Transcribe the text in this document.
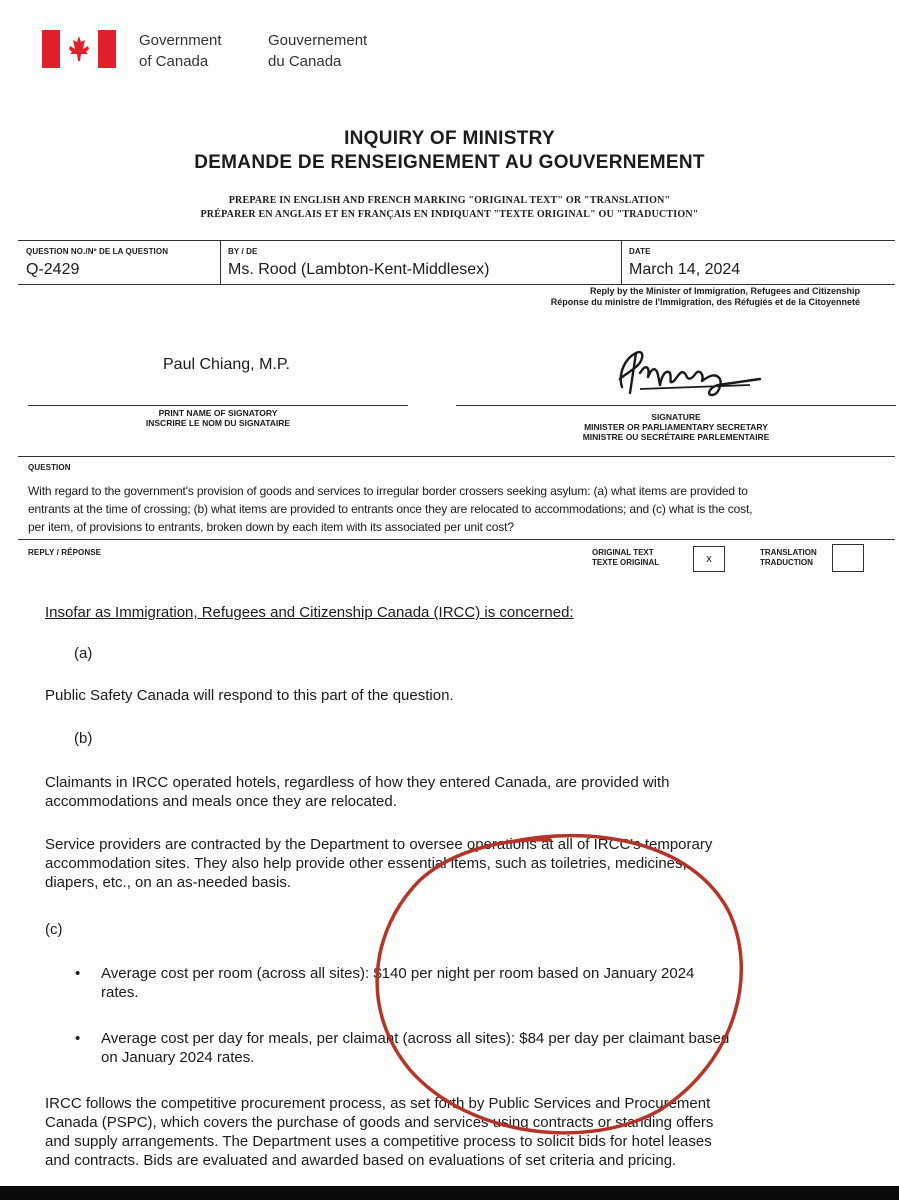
Government
of Canada
Gouvernement
du Canada
INQUIRY OF MINISTRY
DEMANDE DE RENSEIGNEMENT AU GOUVERNEMENT
PREPARE IN ENGLISH AND FRENCH MARKING "ORIGINAL TEXT" OR "TRANSLATION"
PRÉPARER EN ANGLAIS ET EN FRANÇAIS EN INDIQUANT "TEXTE ORIGINAL" OU "TRADUCTION"
QUESTION NO./Nº DE LA QUESTION
Q-2429
BY / DE
Ms. Rood (Lambton-Kent-Middlesex)
DATE
March 14, 2024
Reply by the Minister of Immigration, Refugees and Citizenship
Réponse du ministre de l'Immigration, des Réfugiés et de la Citoyenneté
Paul Chiang, M.P.
PRINT NAME OF SIGNATORY
INSCRIRE LE NOM DU SIGNATAIRE
SIGNATURE
MINISTER OR PARLIAMENTARY SECRETARY
MINISTRE OU SECRÉTAIRE PARLEMENTAIRE
QUESTION
With regard to the government's provision of goods and services to irregular border crossers seeking asylum: (a) what items are provided to
entrants at the time of crossing; (b) what items are provided to entrants once they are relocated to accommodations; and (c) what is the cost,
per item, of provisions to entrants, broken down by each item with its associated per unit cost?
REPLY / RÉPONSE	ORIGINAL TEXT
TEXTE ORIGINAL	x
TRANSLATION
TRADUCTION
Insofar as Immigration, Refugees and Citizenship Canada (IRCC) is concerned:
(a)
Public Safety Canada will respond to this part of the question.
(b)
Claimants in IRCC operated hotels, regardless of how they entered Canada, are provided with
accommodations and meals once they are relocated.
Service providers are contracted by the Department to oversee operations at all of IRCC's temporary
accommodation sites. They also help provide other essential items, such as toiletries, medicines,
diapers, etc., on an as-needed basis.
(c)
• Average cost per room (across all sites): $140 per night per room based on January 2024
rates.
• Average cost per day for meals, per claimant (across all sites): $84 per day per claimant based
on January 2024 rates.
IRCC follows the competitive procurement process, as set forth by Public Services and Procurement
Canada (PSPC), which covers the purchase of goods and services using contracts or standing offers
and supply arrangements. The Department uses a competitive process to solicit bids for hotel leases
and contracts. Bids are evaluated and awarded based on evaluations of set criteria and pricing.
